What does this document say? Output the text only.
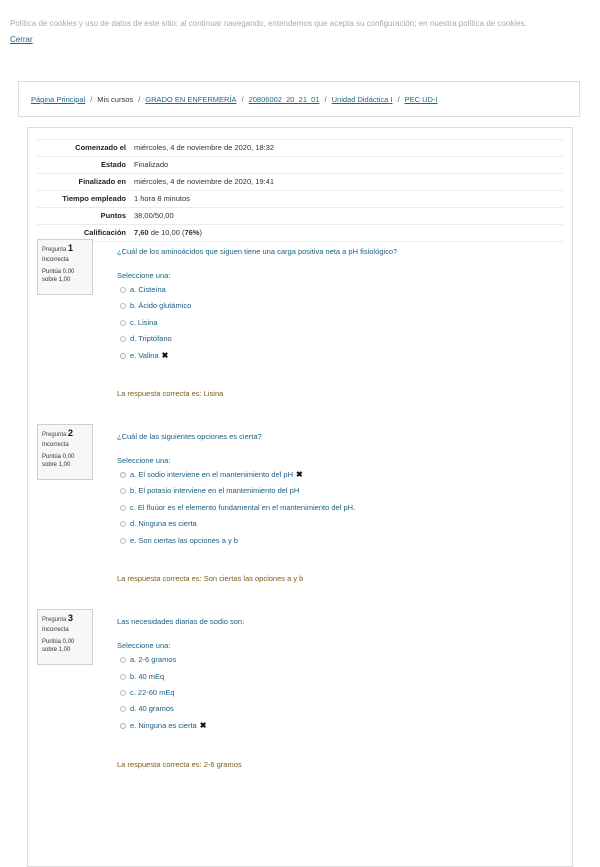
$^{Política de cookies y uso de datos de este sitio: al continuar navegando, entendemos que acepta su configuración; en nuestra política de cookies.}$
Cerrar
Página Principal / Mis cursos / GRADO EN ENFERMERÍA / 20806002_20_21_01 / Unidad Didáctica I / PEC UD-I
Comenzado el	miércoles, 4 de noviembre de 2020, 18:32
Estado	Finalizado
Finalizado en	miércoles, 4 de noviembre de 2020, 19:41
Tiempo empleado	1 hora 8 minutos
Puntos	38,00/50,00
Calificación	7,60 de 10,00 (76%)
Pregunta 1
Incorrecta
Puntúa 0,00
sobre 1,00
¿Cuál de los aminoácidos que siguen tiene una carga positiva neta a pH fisiológico?
Seleccione una:
a. Cisteína
b. Ácido glutámico
c. Lisina
d. Triptófano
e. Valina ✖
La respuesta correcta es: Lisina
Pregunta 2
Incorrecta
Puntúa 0,00
sobre 1,00
¿Cuál de las siguientes opciones es cierta?
Seleccione una:
a. El sodio interviene en el mantenimiento del pH ✖
b. El potasio interviene en el mantenimiento del pH
c. El fluúor es el elemento fundamental en el mantenimiento del pH.
d. Ninguna es cierta
e. Son ciertas las opciones a y b
La respuesta correcta es: Son ciertas las opciones a y b
Pregunta 3
Incorrecta
Puntúa 0,00
sobre 1,00
Las necesidades diarias de sodio son:
Seleccione una:
a. 2-6 gramos
b. 40 mEq
c. 22-60 mEq
d. 40 gramos
e. Ninguna es cierta ✖
La respuesta correcta es: 2-6 gramos
